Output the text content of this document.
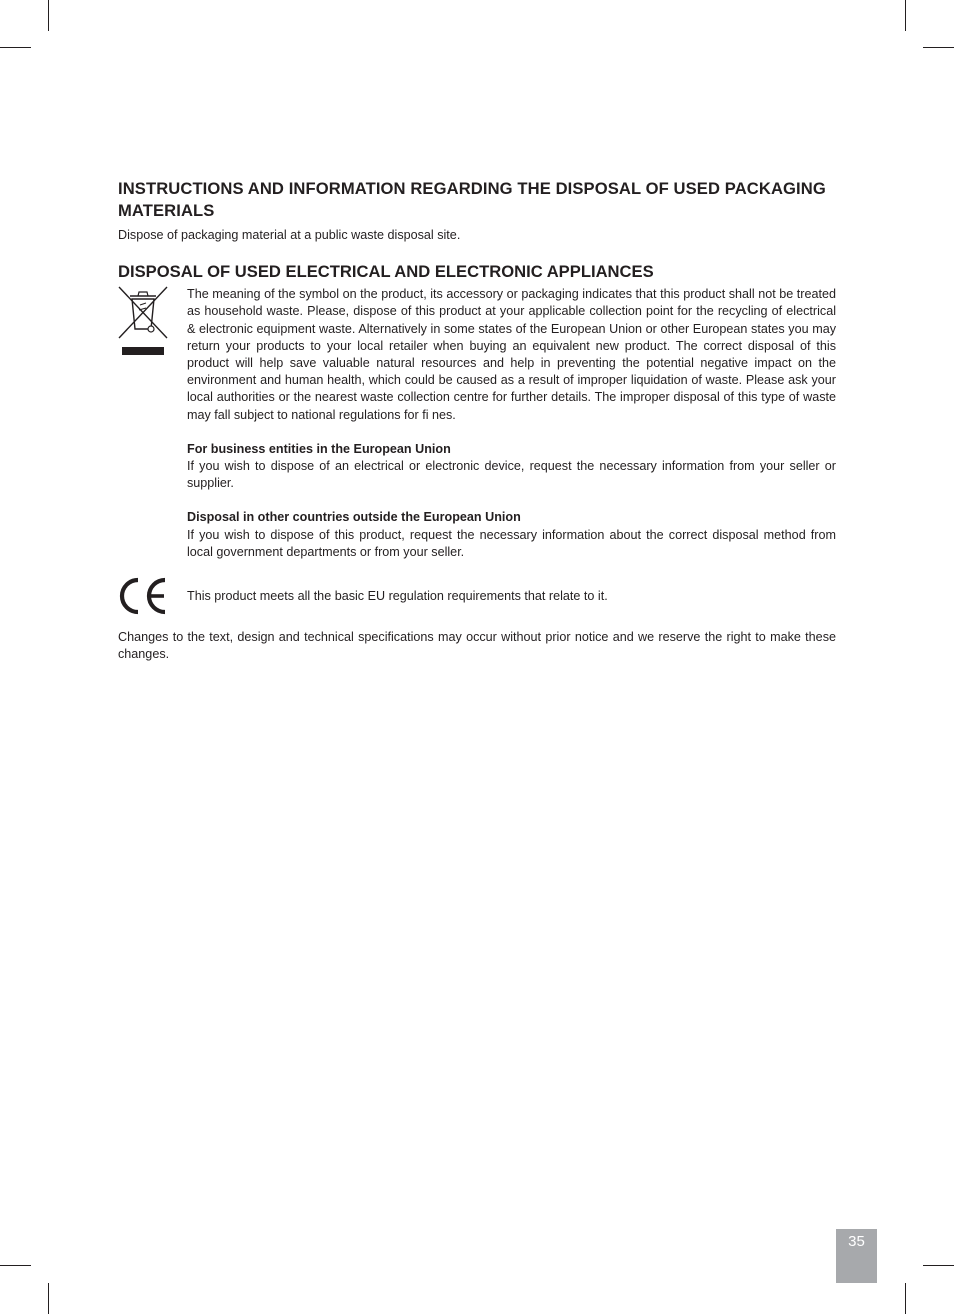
INSTRUCTIONS AND INFORMATION REGARDING THE DISPOSAL OF USED PACKAGING MATERIALS

Dispose of packaging material at a public waste disposal site.

DISPOSAL OF USED ELECTRICAL AND ELECTRONIC APPLIANCES

The meaning of the symbol on the product, its accessory or packaging indicates that this product shall not be treated as household waste. Please, dispose of this product at your applicable collection point for the recycling of electrical & electronic equipment waste. Alternatively in some states of the European Union or other European states you may return your products to your local retailer when buying an equivalent new product. The correct disposal of this product will help save valuable natural resources and help in preventing the potential negative impact on the environment and human health, which could be caused as a result of improper liquidation of waste. Please ask your local authorities or the nearest waste collection centre for further details. The improper disposal of this type of waste may fall subject to national regulations for fi nes.

For business entities in the European Union

If you wish to dispose of an electrical or electronic device, request the necessary information from your seller or supplier.

Disposal in other countries outside the European Union

If you wish to dispose of this product, request the necessary information about the correct disposal method from local government departments or from your seller.

This product meets all the basic EU regulation requirements that relate to it.

Changes to the text, design and technical specifications may occur without prior notice and we reserve the right to make these changes.

35
